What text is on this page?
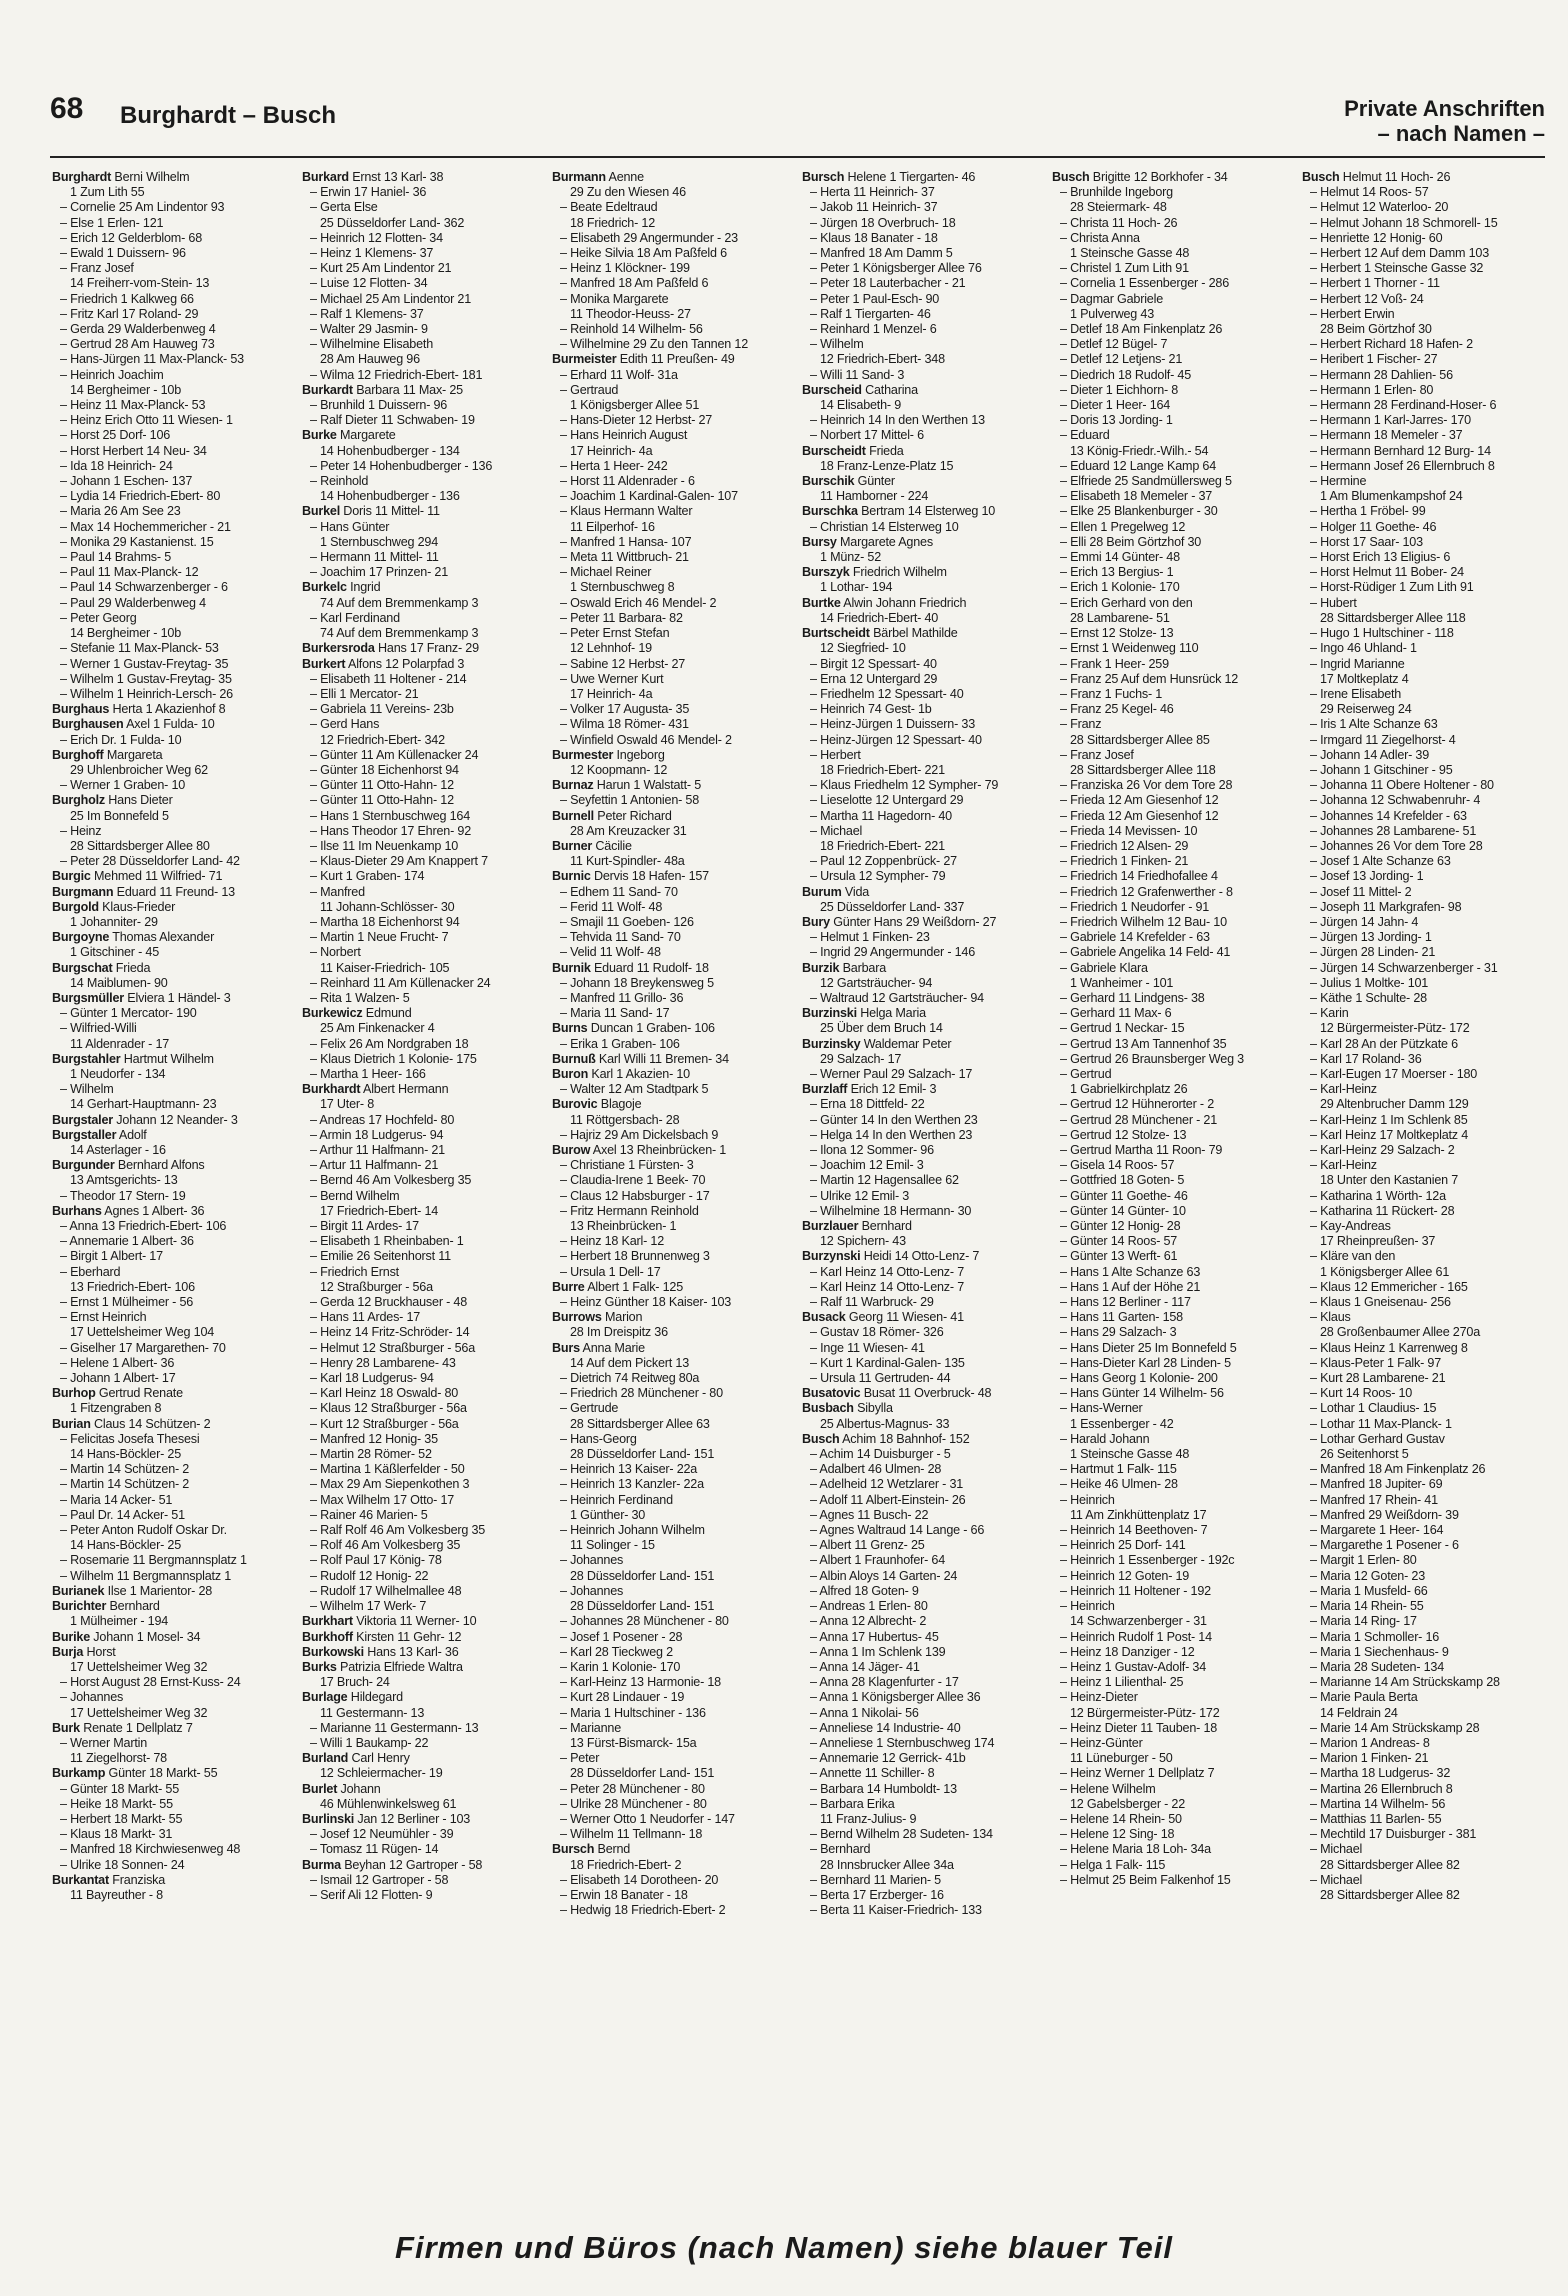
68 Burghardt – Busch	Private Anschriften
– nach Namen –
Burghardt Berni Wilhelm
1 Zum Lith 55
– Cornelie 25 Am Lindentor 93
– Else 1 Erlen- 121
– Erich 12 Gelderblom- 68
– Ewald 1 Duissern- 96
– Franz Josef
14 Freiherr-vom-Stein- 13
– Friedrich 1 Kalkweg 66
– Fritz Karl 17 Roland- 29
– Gerda 29 Walderbenweg 4
– Gertrud 28 Am Hauweg 73
– Hans-Jürgen 11 Max-Planck- 53
– Heinrich Joachim
14 Bergheimer - 10b
– Heinz 11 Max-Planck- 53
– Heinz Erich Otto 11 Wiesen- 1
– Horst 25 Dorf- 106
– Horst Herbert 14 Neu- 34
– Ida 18 Heinrich- 24
– Johann 1 Eschen- 137
– Lydia 14 Friedrich-Ebert- 80
– Maria 26 Am See 23
– Max 14 Hochemmericher - 21
– Monika 29 Kastanienst. 15
– Paul 14 Brahms- 5
– Paul 11 Max-Planck- 12
– Paul 14 Schwarzenberger - 6
– Paul 29 Walderbenweg 4
– Peter Georg
14 Bergheimer - 10b
– Stefanie 11 Max-Planck- 53
– Werner 1 Gustav-Freytag- 35
– Wilhelm 1 Gustav-Freytag- 35
– Wilhelm 1 Heinrich-Lersch- 26
Burghaus Herta 1 Akazienhof 8
Burghausen Axel 1 Fulda- 10
– Erich Dr. 1 Fulda- 10
Burghoff Margareta
29 Uhlenbroicher Weg 62
– Werner 1 Graben- 10
Burgholz Hans Dieter
25 Im Bonnefeld 5
– Heinz
28 Sittardsberger Allee 80
– Peter 28 Düsseldorfer Land- 42
Burgic Mehmed 11 Wilfried- 71
Burgmann Eduard 11 Freund- 13
Burgold Klaus-Frieder
1 Johanniter- 29
Burgoyne Thomas Alexander
1 Gitschiner - 45
Burgschat Frieda
14 Maiblumen- 90
Burgsmüller Elviera 1 Händel- 3
– Günter 1 Mercator- 190
– Wilfried-Willi
11 Aldenrader - 17
Burgstahler Hartmut Wilhelm
1 Neudorfer - 134
– Wilhelm
14 Gerhart-Hauptmann- 23
Burgstaler Johann 12 Neander- 3
Burgstaller Adolf
14 Asterlager - 16
Burgunder Bernhard Alfons
13 Amtsgerichts- 13
– Theodor 17 Stern- 19
Burhans Agnes 1 Albert- 36
– Anna 13 Friedrich-Ebert- 106
– Annemarie 1 Albert- 36
– Birgit 1 Albert- 17
– Eberhard
13 Friedrich-Ebert- 106
– Ernst 1 Mülheimer - 56
– Ernst Heinrich
17 Uettelsheimer Weg 104
– Giselher 17 Margarethen- 70
– Helene 1 Albert- 36
– Johann 1 Albert- 17
Burhop Gertrud Renate
1 Fitzengraben 8
Burian Claus 14 Schützen- 2
– Felicitas Josefa Thesesi
14 Hans-Böckler- 25
– Martin 14 Schützen- 2
– Martin 14 Schützen- 2
– Maria 14 Acker- 51
– Paul Dr. 14 Acker- 51
– Peter Anton Rudolf Oskar Dr.
14 Hans-Böckler- 25
– Rosemarie 11 Bergmannsplatz 1
– Wilhelm 11 Bergmannsplatz 1
Burianek Ilse 1 Marientor- 28
Burichter Bernhard
1 Mülheimer - 194
Burike Johann 1 Mosel- 34
Burja Horst
17 Uettelsheimer Weg 32
– Horst August 28 Ernst-Kuss- 24
– Johannes
17 Uettelsheimer Weg 32
Burk Renate 1 Dellplatz 7
– Werner Martin
11 Ziegelhorst- 78
Burkamp Günter 18 Markt- 55
– Günter 18 Markt- 55
– Heike 18 Markt- 55
– Herbert 18 Markt- 55
– Klaus 18 Markt- 31
– Manfred 18 Kirchwiesenweg 48
– Ulrike 18 Sonnen- 24
Burkantat Franziska
11 Bayreuther - 8
Burkard Ernst 13 Karl- 38
– Erwin 17 Haniel- 36
– Gerta Else
25 Düsseldorfer Land- 362
– Heinrich 12 Flotten- 34
– Heinz 1 Klemens- 37
– Kurt 25 Am Lindentor 21
– Luise 12 Flotten- 34
– Michael 25 Am Lindentor 21
– Ralf 1 Klemens- 37
– Walter 29 Jasmin- 9
– Wilhelmine Elisabeth
28 Am Hauweg 96
– Wilma 12 Friedrich-Ebert- 181
Burkardt Barbara 11 Max- 25
– Brunhild 1 Duissern- 96
– Ralf Dieter 11 Schwaben- 19
Burke Margarete
14 Hohenbudberger - 134
– Peter 14 Hohenbudberger - 136
– Reinhold
14 Hohenbudberger - 136
Burkel Doris 11 Mittel- 11
– Hans Günter
1 Sternbuschweg 294
– Hermann 11 Mittel- 11
– Joachim 17 Prinzen- 21
Burkelc Ingrid
74 Auf dem Bremmenkamp 3
– Karl Ferdinand
74 Auf dem Bremmenkamp 3
Burkersroda Hans 17 Franz- 29
Burkert Alfons 12 Polarpfad 3
– Elisabeth 11 Holtener - 214
– Elli 1 Mercator- 21
– Gabriela 11 Vereins- 23b
– Gerd Hans
12 Friedrich-Ebert- 342
– Günter 11 Am Küllenacker 24
– Günter 18 Eichenhorst 94
– Günter 11 Otto-Hahn- 12
– Günter 11 Otto-Hahn- 12
– Hans 1 Sternbuschweg 164
– Hans Theodor 17 Ehren- 92
– Ilse 11 Im Neuenkamp 10
– Klaus-Dieter 29 Am Knappert 7
– Kurt 1 Graben- 174
– Manfred
11 Johann-Schlösser- 30
– Martha 18 Eichenhorst 94
– Martin 1 Neue Frucht- 7
– Norbert
11 Kaiser-Friedrich- 105
– Reinhard 11 Am Küllenacker 24
– Rita 1 Walzen- 5
Burkewicz Edmund
25 Am Finkenacker 4
– Felix 26 Am Nordgraben 18
– Klaus Dietrich 1 Kolonie- 175
– Martha 1 Heer- 166
Burkhardt Albert Hermann
17 Uter- 8
– Andreas 17 Hochfeld- 80
– Armin 18 Ludgerus- 94
– Arthur 11 Halfmann- 21
– Artur 11 Halfmann- 21
– Bernd 46 Am Volkesberg 35
– Bernd Wilhelm
17 Friedrich-Ebert- 14
– Birgit 11 Ardes- 17
– Elisabeth 1 Rheinbaben- 1
– Emilie 26 Seitenhorst 11
– Friedrich Ernst
12 Straßburger - 56a
– Gerda 12 Bruckhauser - 48
– Hans 11 Ardes- 17
– Heinz 14 Fritz-Schröder- 14
– Helmut 12 Straßburger - 56a
– Henry 28 Lambarene- 43
– Karl 18 Ludgerus- 94
– Karl Heinz 18 Oswald- 80
– Klaus 12 Straßburger - 56a
– Kurt 12 Straßburger - 56a
– Manfred 12 Honig- 35
– Martin 28 Römer- 52
– Martina 1 Käßlerfelder - 50
– Max 29 Am Siepenkothen 3
– Max Wilhelm 17 Otto- 17
– Rainer 46 Marien- 5
– Ralf Rolf 46 Am Volkesberg 35
– Rolf 46 Am Volkesberg 35
– Rolf Paul 17 König- 78
– Rudolf 12 Honig- 22
– Rudolf 17 Wilhelmallee 48
– Wilhelm 17 Werk- 7
Burkhart Viktoria 11 Werner- 10
Burkhoff Kirsten 11 Gehr- 12
Burkowski Hans 13 Karl- 36
Burks Patrizia Elfriede Waltra
17 Bruch- 24
Burlage Hildegard
11 Gestermann- 13
– Marianne 11 Gestermann- 13
– Willi 1 Baukamp- 22
Burland Carl Henry
12 Schleiermacher- 19
Burlet Johann
46 Mühlenwinkelsweg 61
Burlinski Jan 12 Berliner - 103
– Josef 12 Neumühler - 39
– Tomasz 11 Rügen- 14
Burma Beyhan 12 Gartroper - 58
– Ismail 12 Gartroper - 58
– Serif Ali 12 Flotten- 9
Burmann Aenne
29 Zu den Wiesen 46
– Beate Edeltraud
18 Friedrich- 12
– Elisabeth 29 Angermunder - 23
– Heike Silvia 18 Am Paßfeld 6
– Heinz 1 Klöckner- 199
– Manfred 18 Am Paßfeld 6
– Monika Margarete
11 Theodor-Heuss- 27
– Reinhold 14 Wilhelm- 56
– Wilhelmine 29 Zu den Tannen 12
Burmeister Edith 11 Preußen- 49
– Erhard 11 Wolf- 31a
– Gertraud
1 Königsberger Allee 51
– Hans-Dieter 12 Herbst- 27
– Hans Heinrich August
17 Heinrich- 4a
– Herta 1 Heer- 242
– Horst 11 Aldenrader - 6
– Joachim 1 Kardinal-Galen- 107
– Klaus Hermann Walter
11 Eilperhof- 16
– Manfred 1 Hansa- 107
– Meta 11 Wittbruch- 21
– Michael Reiner
1 Sternbuschweg 8
– Oswald Erich 46 Mendel- 2
– Peter 11 Barbara- 82
– Peter Ernst Stefan
12 Lehnhof- 19
– Sabine 12 Herbst- 27
– Uwe Werner Kurt
17 Heinrich- 4a
– Volker 17 Augusta- 35
– Wilma 18 Römer- 431
– Winfield Oswald 46 Mendel- 2
Burmester Ingeborg
12 Koopmann- 12
Burnaz Harun 1 Walstatt- 5
– Seyfettin 1 Antonien- 58
Burnell Peter Richard
28 Am Kreuzacker 31
Burner Cäcilie
11 Kurt-Spindler- 48a
Burnic Dervis 18 Hafen- 157
– Edhem 11 Sand- 70
– Ferid 11 Wolf- 48
– Smajil 11 Goeben- 126
– Tehvida 11 Sand- 70
– Velid 11 Wolf- 48
Burnik Eduard 11 Rudolf- 18
– Johann 18 Breykensweg 5
– Manfred 11 Grillo- 36
– Maria 11 Sand- 17
Burns Duncan 1 Graben- 106
– Erika 1 Graben- 106
Burnuß Karl Willi 11 Bremen- 34
Buron Karl 1 Akazien- 10
– Walter 12 Am Stadtpark 5
Burovic Blagoje
11 Röttgersbach- 28
– Hajriz 29 Am Dickelsbach 9
Burow Axel 13 Rheinbrücken- 1
– Christiane 1 Fürsten- 3
– Claudia-Irene 1 Beek- 70
– Claus 12 Habsburger - 17
– Fritz Hermann Reinhold
13 Rheinbrücken- 1
– Heinz 18 Karl- 12
– Herbert 18 Brunnenweg 3
– Ursula 1 Dell- 17
Burre Albert 1 Falk- 125
– Heinz Günther 18 Kaiser- 103
Burrows Marion
28 Im Dreispitz 36
Burs Anna Marie
14 Auf dem Pickert 13
– Dietrich 74 Reitweg 80a
– Friedrich 28 Münchener - 80
– Gertrude
28 Sittardsberger Allee 63
– Hans-Georg
28 Düsseldorfer Land- 151
– Heinrich 13 Kaiser- 22a
– Heinrich 13 Kanzler- 22a
– Heinrich Ferdinand
1 Günther- 30
– Heinrich Johann Wilhelm
11 Solinger - 15
– Johannes
28 Düsseldorfer Land- 151
– Johannes
28 Düsseldorfer Land- 151
– Johannes 28 Münchener - 80
– Josef 1 Posener - 28
– Karl 28 Tieckweg 2
– Karin 1 Kolonie- 170
– Karl-Heinz 13 Harmonie- 18
– Kurt 28 Lindauer - 19
– Maria 1 Hultschiner - 136
– Marianne
13 Fürst-Bismarck- 15a
– Peter
28 Düsseldorfer Land- 151
– Peter 28 Münchener - 80
– Ulrike 28 Münchener - 80
– Werner Otto 1 Neudorfer - 147
– Wilhelm 11 Tellmann- 18
Bursch Bernd
18 Friedrich-Ebert- 2
– Elisabeth 14 Dorotheen- 20
– Erwin 18 Banater - 18
– Hedwig 18 Friedrich-Ebert- 2
Bursch Helene 1 Tiergarten- 46
– Herta 11 Heinrich- 37
– Jakob 11 Heinrich- 37
– Jürgen 18 Overbruch- 18
– Klaus 18 Banater - 18
– Manfred 18 Am Damm 5
– Peter 1 Königsberger Allee 76
– Peter 18 Lauterbacher - 21
– Peter 1 Paul-Esch- 90
– Ralf 1 Tiergarten- 46
– Reinhard 1 Menzel- 6
– Wilhelm
12 Friedrich-Ebert- 348
– Willi 11 Sand- 3
Burscheid Catharina
14 Elisabeth- 9
– Heinrich 14 In den Werthen 13
– Norbert 17 Mittel- 6
Burscheidt Frieda
18 Franz-Lenze-Platz 15
Burschik Günter
11 Hamborner - 224
Burschka Bertram 14 Elsterweg 10
– Christian 14 Elsterweg 10
Bursy Margarete Agnes
1 Münz- 52
Burszyk Friedrich Wilhelm
1 Lothar- 194
Burtke Alwin Johann Friedrich
14 Friedrich-Ebert- 40
Burtscheidt Bärbel Mathilde
12 Siegfried- 10
– Birgit 12 Spessart- 40
– Erna 12 Untergard 29
– Friedhelm 12 Spessart- 40
– Heinrich 74 Gest- 1b
– Heinz-Jürgen 1 Duissern- 33
– Heinz-Jürgen 12 Spessart- 40
– Herbert
18 Friedrich-Ebert- 221
– Klaus Friedhelm 12 Sympher- 79
– Lieselotte 12 Untergard 29
– Martha 11 Hagedorn- 40
– Michael
18 Friedrich-Ebert- 221
– Paul 12 Zoppenbrück- 27
– Ursula 12 Sympher- 79
Burum Vida
25 Düsseldorfer Land- 337
Bury Günter Hans 29 Weißdorn- 27
– Helmut 1 Finken- 23
– Ingrid 29 Angermunder - 146
Burzik Barbara
12 Gartsträucher- 94
– Waltraud 12 Gartsträucher- 94
Burzinski Helga Maria
25 Über dem Bruch 14
Burzinsky Waldemar Peter
29 Salzach- 17
– Werner Paul 29 Salzach- 17
Burzlaff Erich 12 Emil- 3
– Erna 18 Dittfeld- 22
– Günter 14 In den Werthen 23
– Helga 14 In den Werthen 23
– Ilona 12 Sommer- 96
– Joachim 12 Emil- 3
– Martin 12 Hagensallee 62
– Ulrike 12 Emil- 3
– Wilhelmine 18 Hermann- 30
Burzlauer Bernhard
12 Spichern- 43
Burzynski Heidi 14 Otto-Lenz- 7
– Karl Heinz 14 Otto-Lenz- 7
– Karl Heinz 14 Otto-Lenz- 7
– Ralf 11 Warbruck- 29
Busack Georg 11 Wiesen- 41
– Gustav 18 Römer- 326
– Inge 11 Wiesen- 41
– Kurt 1 Kardinal-Galen- 135
– Ursula 11 Gertruden- 44
Busatovic Busat 11 Overbruck- 48
Busbach Sibylla
25 Albertus-Magnus- 33
Busch Achim 18 Bahnhof- 152
– Achim 14 Duisburger - 5
– Adalbert 46 Ulmen- 28
– Adelheid 12 Wetzlarer - 31
– Adolf 11 Albert-Einstein- 26
– Agnes 11 Busch- 22
– Agnes Waltraud 14 Lange - 66
– Albert 11 Grenz- 25
– Albert 1 Fraunhofer- 64
– Albin Aloys 14 Garten- 24
– Alfred 18 Goten- 9
– Andreas 1 Erlen- 80
– Anna 12 Albrecht- 2
– Anna 17 Hubertus- 45
– Anna 1 Im Schlenk 139
– Anna 14 Jäger- 41
– Anna 28 Klagenfurter - 17
– Anna 1 Königsberger Allee 36
– Anna 1 Nikolai- 56
– Anneliese 14 Industrie- 40
– Anneliese 1 Sternbuschweg 174
– Annemarie 12 Gerrick- 41b
– Annette 11 Schiller- 8
– Barbara 14 Humboldt- 13
– Barbara Erika
11 Franz-Julius- 9
– Bernd Wilhelm 28 Sudeten- 134
– Bernhard
28 Innsbrucker Allee 34a
– Bernhard 11 Marien- 5
– Berta 17 Erzberger- 16
– Berta 11 Kaiser-Friedrich- 133
Busch Brigitte 12 Borkhofer - 34
– Brunhilde Ingeborg
28 Steiermark- 48
– Christa 11 Hoch- 26
– Christa Anna
1 Steinsche Gasse 48
– Christel 1 Zum Lith 91
– Cornelia 1 Essenberger - 286
– Dagmar Gabriele
1 Pulverweg 43
– Detlef 18 Am Finkenplatz 26
– Detlef 12 Bügel- 7
– Detlef 12 Letjens- 21
– Diedrich 18 Rudolf- 45
– Dieter 1 Eichhorn- 8
– Dieter 1 Heer- 164
– Doris 13 Jording- 1
– Eduard
13 König-Friedr.-Wilh.- 54
– Eduard 12 Lange Kamp 64
– Elfriede 25 Sandmüllersweg 5
– Elisabeth 18 Memeler - 37
– Elke 25 Blankenburger - 30
– Ellen 1 Pregelweg 12
– Elli 28 Beim Görtzhof 30
– Emmi 14 Günter- 48
– Erich 13 Bergius- 1
– Erich 1 Kolonie- 170
– Erich Gerhard von den
28 Lambarene- 51
– Ernst 12 Stolze- 13
– Ernst 1 Weidenweg 110
– Frank 1 Heer- 259
– Franz 25 Auf dem Hunsrück 12
– Franz 1 Fuchs- 1
– Franz 25 Kegel- 46
– Franz
28 Sittardsberger Allee 85
– Franz Josef
28 Sittardsberger Allee 118
– Franziska 26 Vor dem Tore 28
– Frieda 12 Am Giesenhof 12
– Frieda 12 Am Giesenhof 12
– Frieda 14 Mevissen- 10
– Friedrich 12 Alsen- 29
– Friedrich 1 Finken- 21
– Friedrich 14 Friedhofallee 4
– Friedrich 12 Grafenwerther - 8
– Friedrich 1 Neudorfer - 91
– Friedrich Wilhelm 12 Bau- 10
– Gabriele 14 Krefelder - 63
– Gabriele Angelika 14 Feld- 41
– Gabriele Klara
1 Wanheimer - 101
– Gerhard 11 Lindgens- 38
– Gerhard 11 Max- 6
– Gertrud 1 Neckar- 15
– Gertrud 13 Am Tannenhof 35
– Gertrud 26 Braunsberger Weg 3
– Gertrud
1 Gabrielkirchplatz 26
– Gertrud 12 Hühnerorter - 2
– Gertrud 28 Münchener - 21
– Gertrud 12 Stolze- 13
– Gertrud Martha 11 Roon- 79
– Gisela 14 Roos- 57
– Gottfried 18 Goten- 5
– Günter 11 Goethe- 46
– Günter 14 Günter- 10
– Günter 12 Honig- 28
– Günter 14 Roos- 57
– Günter 13 Werft- 61
– Hans 1 Alte Schanze 63
– Hans 1 Auf der Höhe 21
– Hans 12 Berliner - 117
– Hans 11 Garten- 158
– Hans 29 Salzach- 3
– Hans Dieter 25 Im Bonnefeld 5
– Hans-Dieter Karl 28 Linden- 5
– Hans Georg 1 Kolonie- 200
– Hans Günter 14 Wilhelm- 56
– Hans-Werner
1 Essenberger - 42
– Harald Johann
1 Steinsche Gasse 48
– Hartmut 1 Falk- 115
– Heike 46 Ulmen- 28
– Heinrich
11 Am Zinkhüttenplatz 17
– Heinrich 14 Beethoven- 7
– Heinrich 25 Dorf- 141
– Heinrich 1 Essenberger - 192c
– Heinrich 12 Goten- 19
– Heinrich 11 Holtener - 192
– Heinrich
14 Schwarzenberger - 31
– Heinrich Rudolf 1 Post- 14
– Heinz 18 Danziger - 12
– Heinz 1 Gustav-Adolf- 34
– Heinz 1 Lilienthal- 25
– Heinz-Dieter
12 Bürgermeister-Pütz- 172
– Heinz Dieter 11 Tauben- 18
– Heinz-Günter
11 Lüneburger - 50
– Heinz Werner 1 Dellplatz 7
– Helene Wilhelm
12 Gabelsberger - 22
– Helene 14 Rhein- 50
– Helene 12 Sing- 18
– Helene Maria 18 Loh- 34a
– Helga 1 Falk- 115
– Helmut 25 Beim Falkenhof 15
Busch Helmut 11 Hoch- 26
– Helmut 14 Roos- 57
– Helmut 12 Waterloo- 20
– Helmut Johann 18 Schmorell- 15
– Henriette 12 Honig- 60
– Herbert 12 Auf dem Damm 103
– Herbert 1 Steinsche Gasse 32
– Herbert 1 Thorner - 11
– Herbert 12 Voß- 24
– Herbert Erwin
28 Beim Görtzhof 30
– Herbert Richard 18 Hafen- 2
– Heribert 1 Fischer- 27
– Hermann 28 Dahlien- 56
– Hermann 1 Erlen- 80
– Hermann 28 Ferdinand-Hoser- 6
– Hermann 1 Karl-Jarres- 170
– Hermann 18 Memeler - 37
– Hermann Bernhard 12 Burg- 14
– Hermann Josef 26 Ellernbruch 8
– Hermine
1 Am Blumenkampshof 24
– Hertha 1 Fröbel- 99
– Holger 11 Goethe- 46
– Horst 17 Saar- 103
– Horst Erich 13 Eligius- 6
– Horst Helmut 11 Bober- 24
– Horst-Rüdiger 1 Zum Lith 91
– Hubert
28 Sittardsberger Allee 118
– Hugo 1 Hultschiner - 118
– Ingo 46 Uhland- 1
– Ingrid Marianne
17 Moltkeplatz 4
– Irene Elisabeth
29 Reiserweg 24
– Iris 1 Alte Schanze 63
– Irmgard 11 Ziegelhorst- 4
– Johann 14 Adler- 39
– Johann 1 Gitschiner - 95
– Johanna 11 Obere Holtener - 80
– Johanna 12 Schwabenruhr- 4
– Johannes 14 Krefelder - 63
– Johannes 28 Lambarene- 51
– Johannes 26 Vor dem Tore 28
– Josef 1 Alte Schanze 63
– Josef 13 Jording- 1
– Josef 11 Mittel- 2
– Joseph 11 Markgrafen- 98
– Jürgen 14 Jahn- 4
– Jürgen 13 Jording- 1
– Jürgen 28 Linden- 21
– Jürgen 14 Schwarzenberger - 31
– Julius 1 Moltke- 101
– Käthe 1 Schulte- 28
– Karin
12 Bürgermeister-Pütz- 172
– Karl 28 An der Pützkate 6
– Karl 17 Roland- 36
– Karl-Eugen 17 Moerser - 180
– Karl-Heinz
29 Altenbrucher Damm 129
– Karl-Heinz 1 Im Schlenk 85
– Karl Heinz 17 Moltkeplatz 4
– Karl-Heinz 29 Salzach- 2
– Karl-Heinz
18 Unter den Kastanien 7
– Katharina 1 Wörth- 12a
– Katharina 11 Rückert- 28
– Kay-Andreas
17 Rheinpreußen- 37
– Kläre van den
1 Königsberger Allee 61
– Klaus 12 Emmericher - 165
– Klaus 1 Gneisenau- 256
– Klaus
28 Großenbaumer Allee 270a
– Klaus Heinz 1 Karrenweg 8
– Klaus-Peter 1 Falk- 97
– Kurt 28 Lambarene- 21
– Kurt 14 Roos- 10
– Lothar 1 Claudius- 15
– Lothar 11 Max-Planck- 1
– Lothar Gerhard Gustav
26 Seitenhorst 5
– Manfred 18 Am Finkenplatz 26
– Manfred 18 Jupiter- 69
– Manfred 17 Rhein- 41
– Manfred 29 Weißdorn- 39
– Margarete 1 Heer- 164
– Margarethe 1 Posener - 6
– Margit 1 Erlen- 80
– Maria 12 Goten- 23
– Maria 1 Musfeld- 66
– Maria 14 Rhein- 55
– Maria 14 Ring- 17
– Maria 1 Schmoller- 16
– Maria 1 Siechenhaus- 9
– Maria 28 Sudeten- 134
– Marianne 14 Am Strückskamp 28
– Marie Paula Berta
14 Feldrain 24
– Marie 14 Am Strückskamp 28
– Marion 1 Andreas- 8
– Marion 1 Finken- 21
– Martha 18 Ludgerus- 32
– Martina 26 Ellernbruch 8
– Martina 14 Wilhelm- 56
– Matthias 11 Barlen- 55
– Mechtild 17 Duisburger - 381
– Michael
28 Sittardsberger Allee 82
– Michael
28 Sittardsberger Allee 82
Firmen und Büros (nach Namen) siehe blauer Teil
